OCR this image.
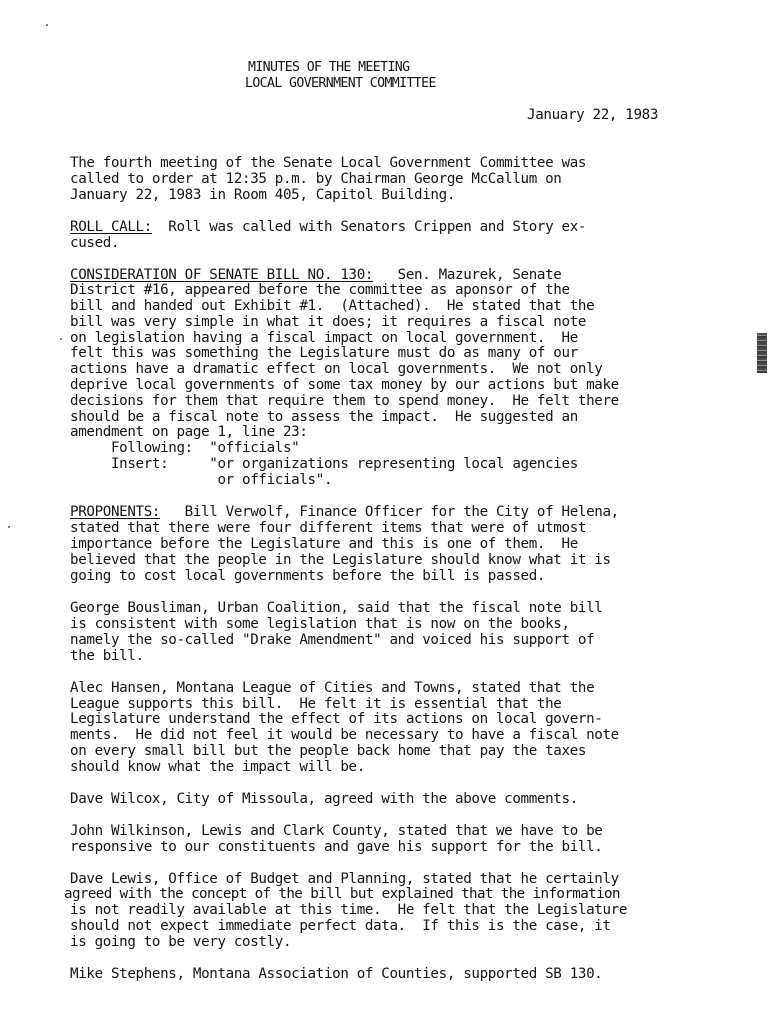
MINUTES OF THE MEETING
LOCAL GOVERNMENT COMMITTEE
January 22, 1983
The fourth meeting of the Senate Local Government Committee was
called to order at 12:35 p.m. by Chairman George McCallum on
January 22, 1983 in Room 405, Capitol Building.
ROLL CALL:  Roll was called with Senators Crippen and Story ex-
cused.
CONSIDERATION OF SENATE BILL NO. 130:   Sen. Mazurek, Senate
District #16, appeared before the committee as aponsor of the
bill and handed out Exhibit #1.  (Attached).  He stated that the
bill was very simple in what it does; it requires a fiscal note
on legislation having a fiscal impact on local government.  He
felt this was something the Legislature must do as many of our
actions have a dramatic effect on local governments.  We not only
deprive local governments of some tax money by our actions but make
decisions for them that require them to spend money.  He felt there
should be a fiscal note to assess the impact.  He suggested an
amendment on page 1, line 23:
Following:  "officials"
Insert:     "or organizations representing local agencies
or officials".
PROPONENTS:   Bill Verwolf, Finance Officer for the City of Helena,
stated that there were four different items that were of utmost
importance before the Legislature and this is one of them.  He
believed that the people in the Legislature should know what it is
going to cost local governments before the bill is passed.
George Bousliman, Urban Coalition, said that the fiscal note bill
is consistent with some legislation that is now on the books,
namely the so-called "Drake Amendment" and voiced his support of
the bill.
Alec Hansen, Montana League of Cities and Towns, stated that the
League supports this bill.  He felt it is essential that the
Legislature understand the effect of its actions on local govern-
ments.  He did not feel it would be necessary to have a fiscal note
on every small bill but the people back home that pay the taxes
should know what the impact will be.
Dave Wilcox, City of Missoula, agreed with the above comments.
John Wilkinson, Lewis and Clark County, stated that we have to be
responsive to our constituents and gave his support for the bill.
Dave Lewis, Office of Budget and Planning, stated that he certainly
agreed with the concept of the bill but explained that the information
is not readily available at this time.  He felt that the Legislature
should not expect immediate perfect data.  If this is the case, it
is going to be very costly.
Mike Stephens, Montana Association of Counties, supported SB 130.
